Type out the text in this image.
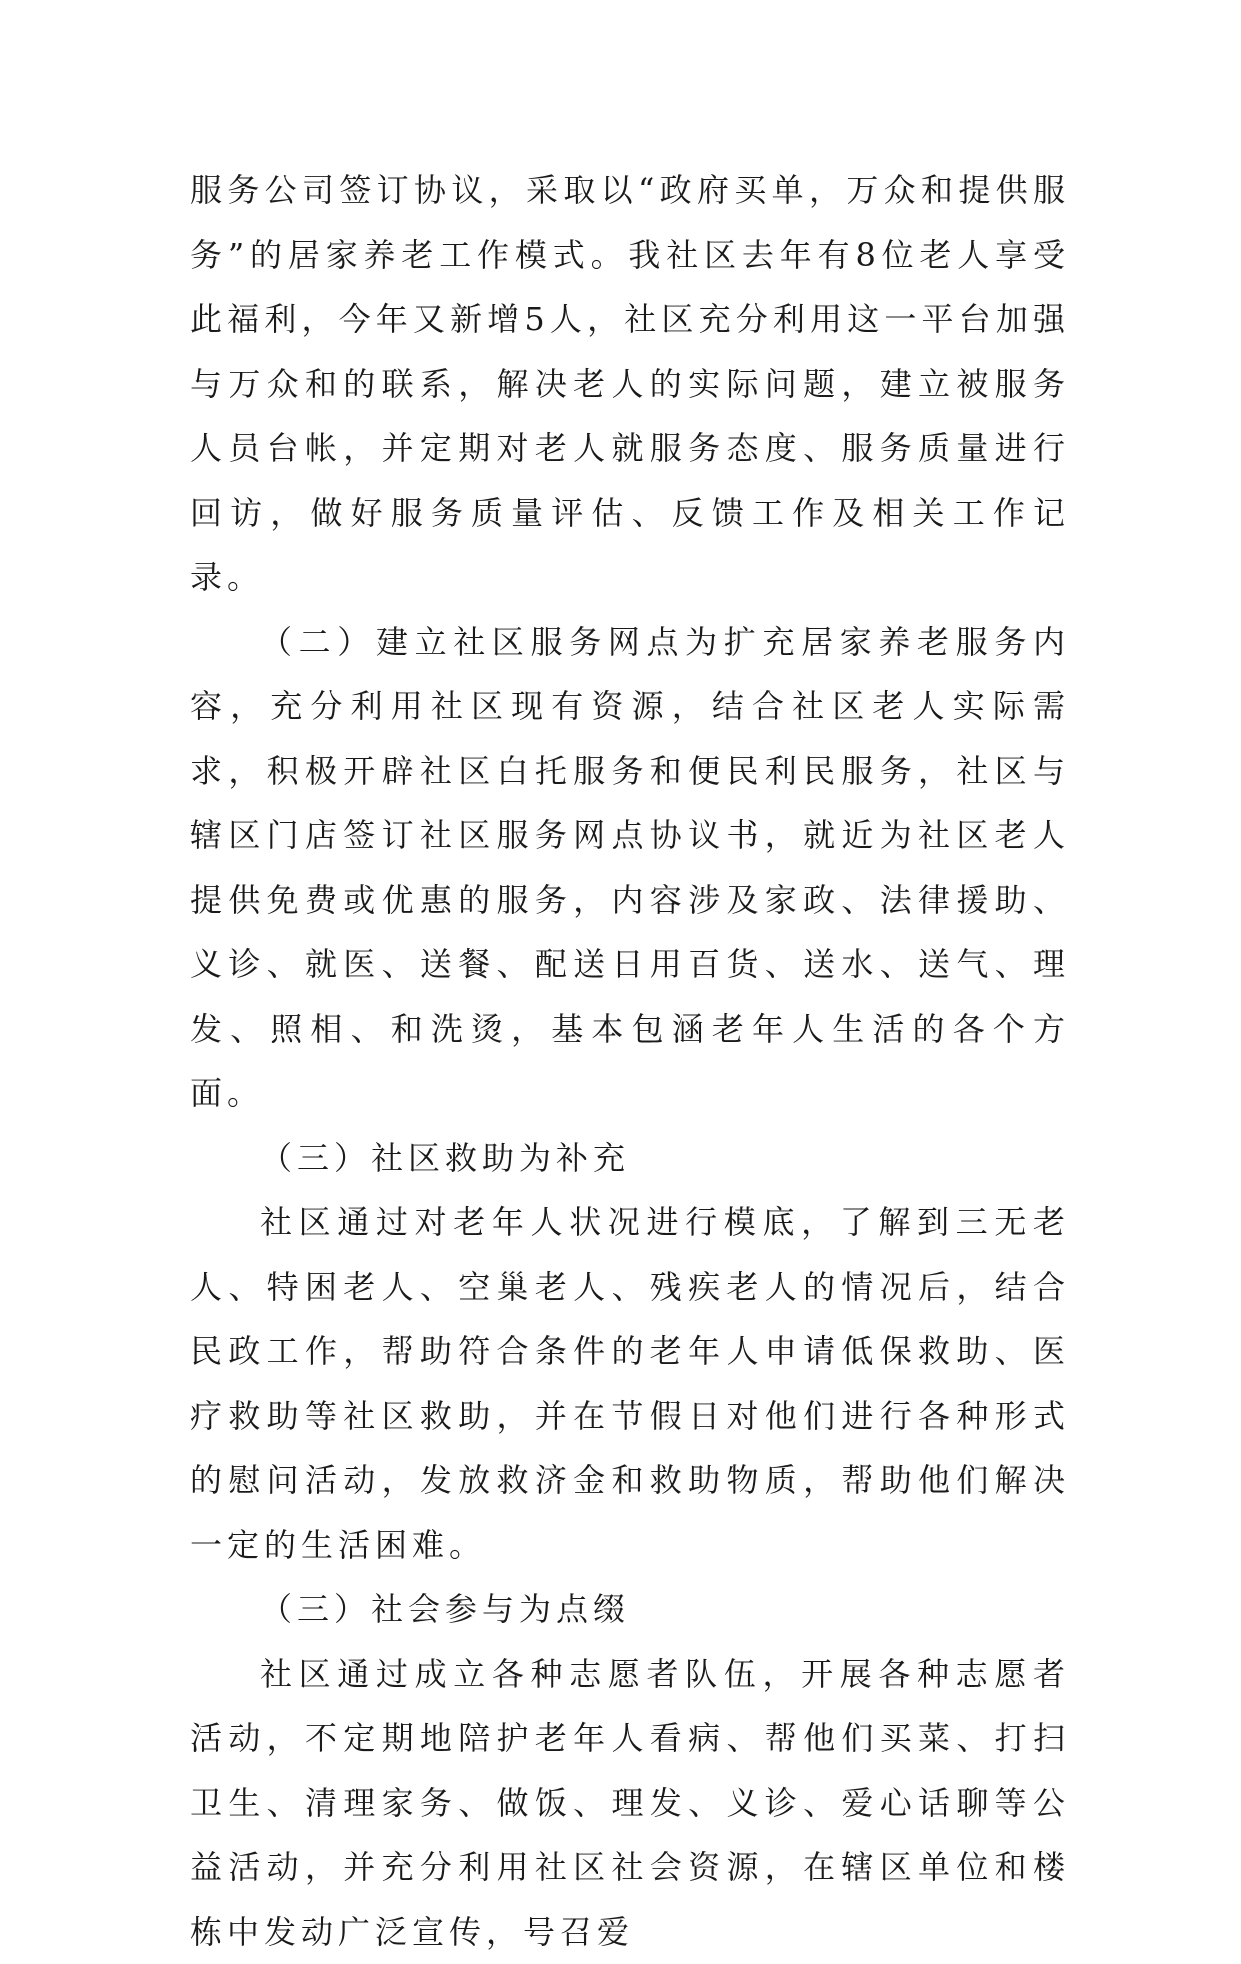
服务公司签订协议，采取以“政府买单，万众和提供服务”的居家养老工作模式。我社区去年有8位老人享受此福利，今年又新增5人，社区充分利用这一平台加强与万众和的联系，解决老人的实际问题，建立被服务人员台帐，并定期对老人就服务态度、服务质量进行回访，做好服务质量评估、反馈工作及相关工作记录。

（二）建立社区服务网点为扩充居家养老服务内容，充分利用社区现有资源，结合社区老人实际需求，积极开辟社区白托服务和便民利民服务，社区与辖区门店签订社区服务网点协议书，就近为社区老人提供免费或优惠的服务，内容涉及家政、法律援助、义诊、就医、送餐、配送日用百货、送水、送气、理发、照相、和洗烫，基本包涵老年人生活的各个方面。

（三）社区救助为补充

社区通过对老年人状况进行模底，了解到三无老人、特困老人、空巢老人、残疾老人的情况后，结合民政工作，帮助符合条件的老年人申请低保救助、医疗救助等社区救助，并在节假日对他们进行各种形式的慰问活动，发放救济金和救助物质，帮助他们解决一定的生活困难。

（三）社会参与为点缀

社区通过成立各种志愿者队伍，开展各种志愿者活动，不定期地陪护老年人看病、帮他们买菜、打扫卫生、清理家务、做饭、理发、义诊、爱心话聊等公益活动，并充分利用社区社会资源，在辖区单位和楼栋中发动广泛宣传，号召爱
